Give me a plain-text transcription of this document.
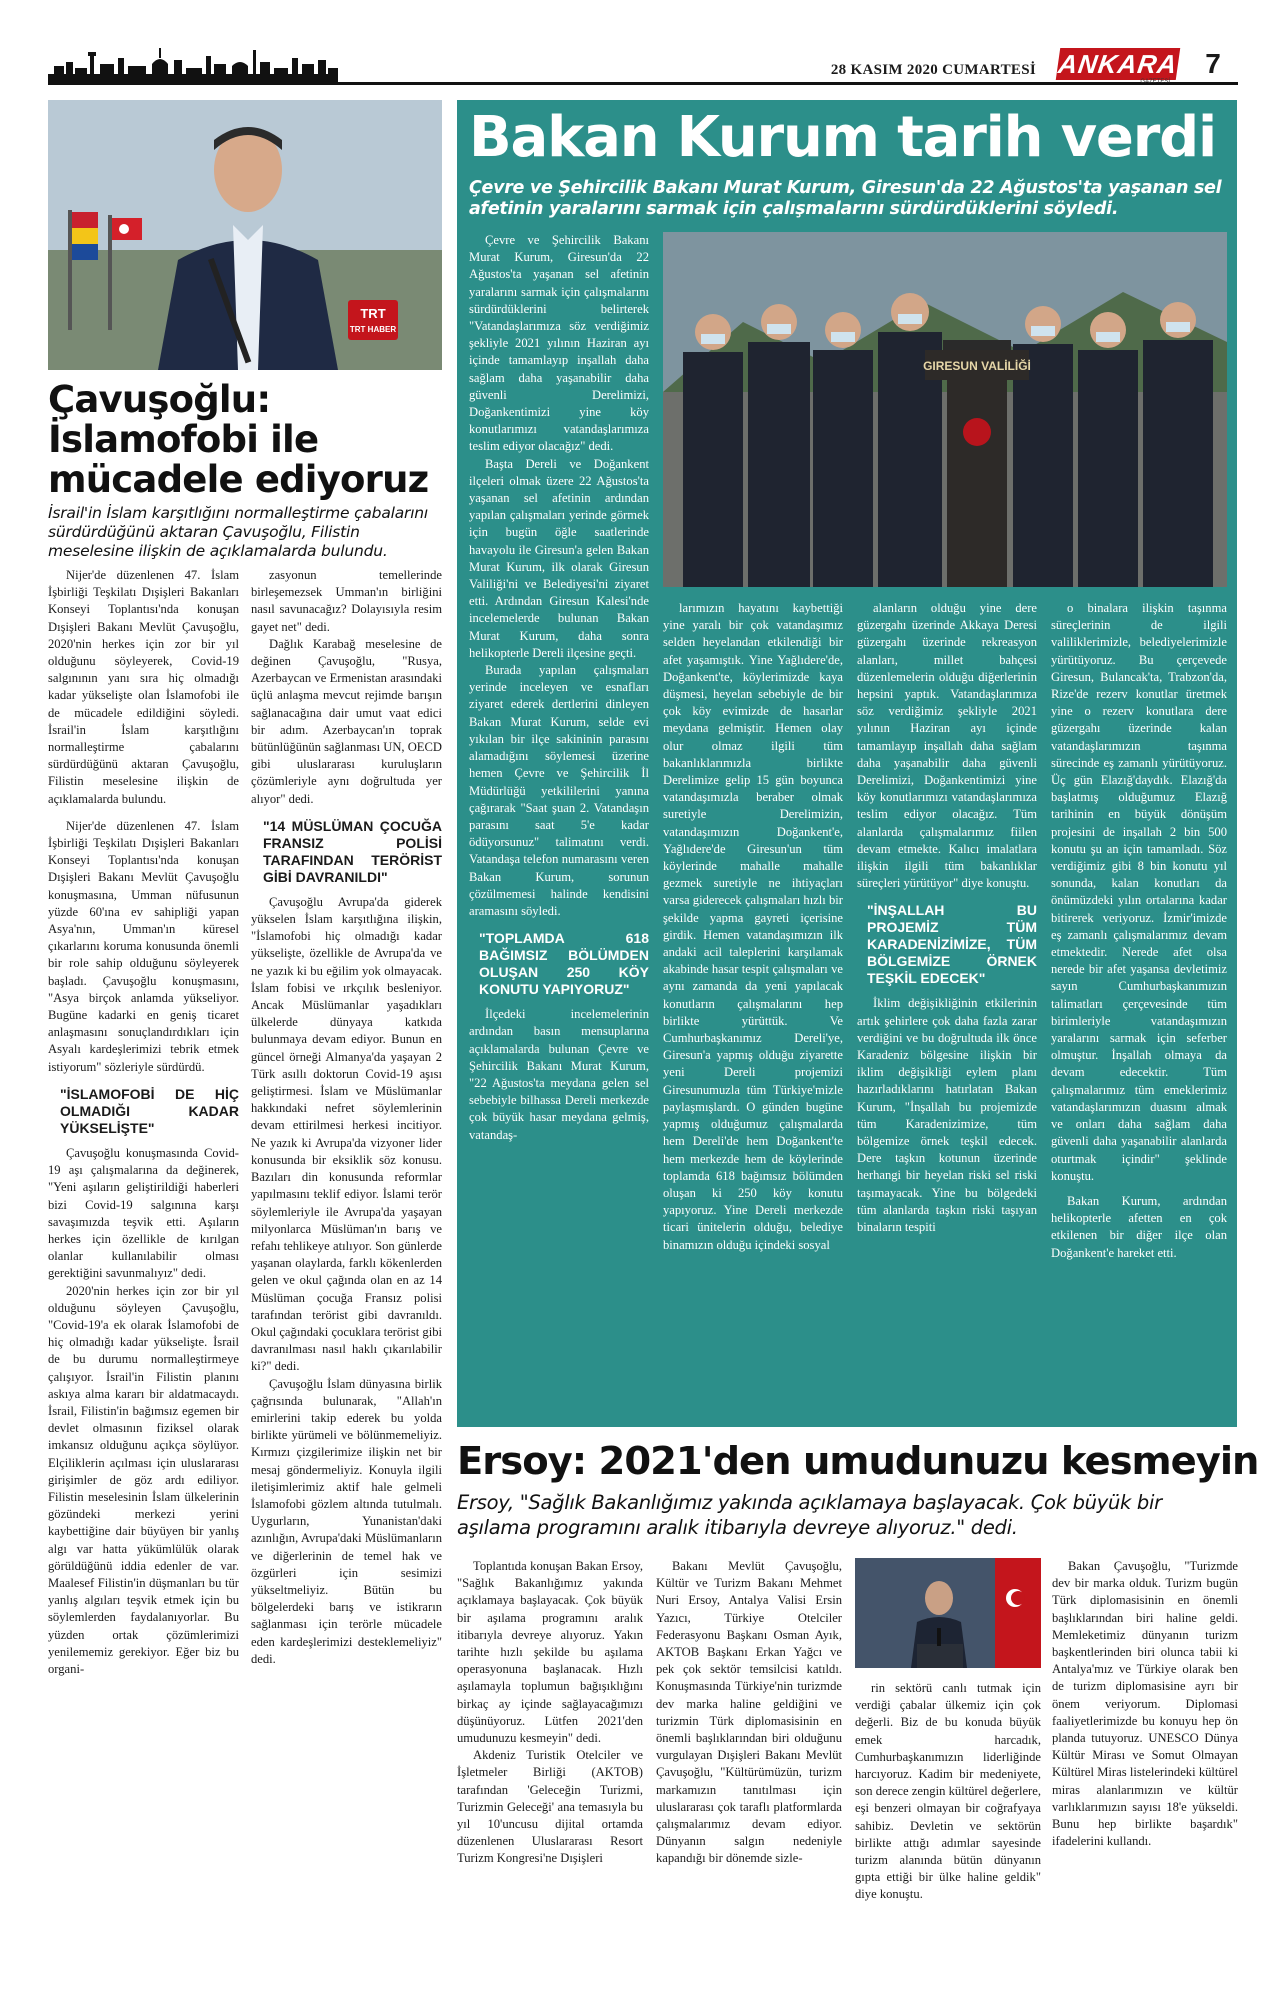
28 KASIM 2020 CUMARTESİ ANKARA
GAZETESİ
7
TRT
TRT HABER
Çavuşoğlu: İslamofobi ile mücadele ediyoruz
İsrail'in İslam karşıtlığını normalleştirme çabalarını sürdürdüğünü aktaran Çavuşoğlu, Filistin meselesine ilişkin de açıklamalarda bulundu.

Nijer'de düzenlenen 47. İslam İşbirliği Teşkilatı Dışişleri Bakanları Konseyi Toplantısı'nda konuşan Dışişleri Bakanı Mevlüt Çavuşoğlu, 2020'nin herkes için zor bir yıl olduğunu söyleyerek, Covid-19 salgınının yanı sıra hiç olmadığı kadar yükselişte olan İslamofobi ile de mücadele edildiğini söyledi. İsrail'in İslam karşıtlığını normalleştirme çabalarını sürdürdüğünü aktaran Çavuşoğlu, Filistin meselesine ilişkin de açıklamalarda bulundu.

Nijer'de düzenlenen 47. İslam İşbirliği Teşkilatı Dışişleri Bakanları Konseyi Toplantısı'nda konuşan Dışişleri Bakanı Mevlüt Çavuşoğlu konuşmasına, Umman nüfusunun yüzde 60'ına ev sahipliği yapan Asya'nın, Umman'ın küresel çıkarlarını koruma konusunda önemli bir role sahip olduğunu söyleyerek başladı. Çavuşoğlu konuşmasını, "Asya birçok anlamda yükseliyor. Bugüne kadarki en geniş ticaret anlaşmasını sonuçlandırdıkları için Asyalı kardeşlerimizi tebrik etmek istiyorum" sözleriyle sürdürdü.

"İSLAMOFOBİ DE HİÇ OLMADIĞI KADAR YÜKSELİŞTE"

Çavuşoğlu konuşmasında Covid-19 aşı çalışmalarına da değinerek, "Yeni aşıların geliştirildiği haberleri bizi Covid-19 salgınına karşı savaşımızda teşvik etti. Aşıların herkes için özellikle de kırılgan olanlar kullanılabilir olması gerektiğini savunmalıyız" dedi.

2020'nin herkes için zor bir yıl olduğunu söyleyen Çavuşoğlu, "Covid-19'a ek olarak İslamofobi de hiç olmadığı kadar yükselişte. İsrail de bu durumu normalleştirmeye çalışıyor. İsrail'in Filistin planını askıya alma kararı bir aldatmacaydı. İsrail, Filistin'in bağımsız egemen bir devlet olmasının fiziksel olarak imkansız olduğunu açıkça söylüyor. Elçiliklerin açılması için uluslararası girişimler de göz ardı ediliyor. Filistin meselesinin İslam ülkelerinin gözündeki merkezi yerini kaybettiğine dair büyüyen bir yanlış algı var hatta yükümlülük olarak görüldüğünü iddia edenler de var. Maalesef Filistin'in düşmanları bu tür yanlış algıları teşvik etmek için bu söylemlerden faydalanıyorlar. Bu yüzden ortak çözümlerimizi yenilememiz gerekiyor. Eğer biz bu organi-

zasyonun temellerinde birleşemezsek Umman'ın birliğini nasıl savunacağız? Dolayısıyla resim gayet net" dedi.

Dağlık Karabağ meselesine de değinen Çavuşoğlu, "Rusya, Azerbaycan ve Ermenistan arasındaki üçlü anlaşma mevcut rejimde barışın sağlanacağına dair umut vaat edici bir adım. Azerbaycan'ın toprak bütünlüğünün sağlanması UN, OECD gibi uluslararası kuruluşların çözümleriyle aynı doğrultuda yer alıyor" dedi.

"14 MÜSLÜMAN ÇOCUĞA FRANSIZ POLİSİ TARAFINDAN TERÖRİST GİBİ DAVRANILDI"

Çavuşoğlu Avrupa'da giderek yükselen İslam karşıtlığına ilişkin, "İslamofobi hiç olmadığı kadar yükselişte, özellikle de Avrupa'da ve ne yazık ki bu eğilim yok olmayacak. İslam fobisi ve ırkçılık besleniyor. Ancak Müslümanlar yaşadıkları ülkelerde dünyaya katkıda bulunmaya devam ediyor. Bunun en güncel örneği Almanya'da yaşayan 2 Türk asıllı doktorun Covid-19 aşısı geliştirmesi. İslam ve Müslümanlar hakkındaki nefret söylemlerinin devam ettirilmesi herkesi incitiyor. Ne yazık ki Avrupa'da vizyoner lider konusunda bir eksiklik söz konusu. Bazıları din konusunda reformlar yapılmasını teklif ediyor. İslami terör söylemleriyle ile Avrupa'da yaşayan milyonlarca Müslüman'ın barış ve refahı tehlikeye atılıyor. Son günlerde yaşanan olaylarda, farklı kökenlerden gelen ve okul çağında olan en az 14 Müslüman çocuğa Fransız polisi tarafından terörist gibi davranıldı. Okul çağındaki çocuklara terörist gibi davranılması nasıl haklı çıkarılabilir ki?" dedi.

Çavuşoğlu İslam dünyasına birlik çağrısında bulunarak, "Allah'ın emirlerini takip ederek bu yolda birlikte yürümeli ve bölünmemeliyiz. Kırmızı çizgilerimize ilişkin net bir mesaj göndermeliyiz. Konuyla ilgili iletişimlerimiz aktif hale gelmeli İslamofobi gözlem altında tutulmalı. Uygurların, Yunanistan'daki azınlığın, Avrupa'daki Müslümanların ve diğerlerinin de temel hak ve özgürleri için sesimizi yükseltmeliyiz. Bütün bu bölgelerdeki barış ve istikrarın sağlanması için terörle mücadele eden kardeşlerimizi desteklemeliyiz" dedi.

Bakan Kurum tarih verdi
Çevre ve Şehircilik Bakanı Murat Kurum, Giresun'da 22 Ağustos'ta yaşanan sel afetinin yaralarını sarmak için çalışmalarını sürdürdüklerini söyledi.

Çevre ve Şehircilik Bakanı Murat Kurum, Giresun'da 22 Ağustos'ta yaşanan sel afetinin yaralarını sarmak için çalışmalarını sürdürdüklerini belirterek "Vatandaşlarımıza söz verdiğimiz şekliyle 2021 yılının Haziran ayı içinde tamamlayıp inşallah daha sağlam daha yaşanabilir daha güvenli Derelimizi, Doğankentimizi yine köy konutlarımızı vatandaşlarımıza teslim ediyor olacağız" dedi.

Başta Dereli ve Doğankent ilçeleri olmak üzere 22 Ağustos'ta yaşanan sel afetinin ardından yapılan çalışmaları yerinde görmek için bugün öğle saatlerinde havayolu ile Giresun'a gelen Bakan Murat Kurum, ilk olarak Giresun Valiliği'ni ve Belediyesi'ni ziyaret etti. Ardından Giresun Kalesi'nde incelemelerde bulunan Bakan Murat Kurum, daha sonra helikopterle Dereli ilçesine geçti.

Burada yapılan çalışmaları yerinde inceleyen ve esnafları ziyaret ederek dertlerini dinleyen Bakan Murat Kurum, selde evi yıkılan bir ilçe sakininin parasını alamadığını söylemesi üzerine hemen Çevre ve Şehircilik İl Müdürlüğü yetkililerini yanına çağırarak "Saat şuan 2. Vatandaşın parasını saat 5'e kadar ödüyorsunuz" talimatını verdi. Vatandaşa telefon numarasını veren Bakan Kurum, sorunun çözülmemesi halinde kendisini aramasını söyledi.

"TOPLAMDA 618 BAĞIMSIZ BÖLÜMDEN OLUŞAN 250 KÖY KONUTU YAPIYORUZ"

İlçedeki incelemelerinin ardından basın mensuplarına açıklamalarda bulunan Çevre ve Şehircilik Bakanı Murat Kurum, "22 Ağustos'ta meydana gelen sel sebebiyle bilhassa Dereli merkezde çok büyük hasar meydana gelmiş, vatandaş-

GIRESUN VALİLİĞİ

larımızın hayatını kaybettiği yine yaralı bir çok vatandaşımız selden heyelandan etkilendiği bir afet yaşamıştık. Yine Yağlıdere'de, Doğankent'te, köylerimizde kaya düşmesi, heyelan sebebiyle de bir çok köy evimizde de hasarlar meydana gelmiştir. Hemen olay olur olmaz ilgili tüm bakanlıklarımızla birlikte Derelimize gelip 15 gün boyunca vatandaşımızla beraber olmak suretiyle Derelimizin, vatandaşımızın Doğankent'e, Yağlıdere'de Giresun'un tüm köylerinde mahalle mahalle gezmek suretiyle ne ihtiyaçları varsa giderecek çalışmaları hızlı bir şekilde yapma gayreti içerisine girdik. Hemen vatandaşımızın ilk andaki acil taleplerini karşılamak akabinde hasar tespit çalışmaları ve aynı zamanda da yeni yapılacak konutların çalışmalarını hep birlikte yürüttük. Ve Cumhurbaşkanımız Dereli'ye, Giresun'a yapmış olduğu ziyarette yeni Dereli projemizi Giresunumuzla tüm Türkiye'mizle paylaşmışlardı. O günden bugüne yapmış olduğumuz çalışmalarda hem Dereli'de hem Doğankent'te hem merkezde hem de köylerinde toplamda 618 bağımsız bölümden oluşan ki 250 köy konutu yapıyoruz. Yine Dereli merkezde ticari ünitelerin olduğu, belediye binamızın olduğu içindeki sosyal

alanların olduğu yine dere güzergahı üzerinde Akkaya Deresi güzergahı üzerinde rekreasyon alanları, millet bahçesi düzenlemelerin olduğu diğerlerinin hepsini yaptık. Vatandaşlarımıza söz verdiğimiz şekliyle 2021 yılının Haziran ayı içinde tamamlayıp inşallah daha sağlam daha yaşanabilir daha güvenli Derelimizi, Doğankentimizi yine köy konutlarımızı vatandaşlarımıza teslim ediyor olacağız. Tüm alanlarda çalışmalarımız fiilen devam etmekte. Kalıcı imalatlara ilişkin ilgili tüm bakanlıklar süreçleri yürütüyor" diye konuştu.

"İNŞALLAH BU PROJEMİZ TÜM KARADENİZİMİZE, TÜM BÖLGEMİZE ÖRNEK TEŞKİL EDECEK"

İklim değişikliğinin etkilerinin artık şehirlere çok daha fazla zarar verdiğini ve bu doğrultuda ilk önce Karadeniz bölgesine ilişkin bir iklim değişikliği eylem planı hazırladıklarını hatırlatan Bakan Kurum, "İnşallah bu projemizde tüm Karadenizimize, tüm bölgemize örnek teşkil edecek. Dere taşkın kotunun üzerinde herhangi bir heyelan riski sel riski taşımayacak. Yine bu bölgedeki tüm alanlarda taşkın riski taşıyan binaların tespiti

o binalara ilişkin taşınma süreçlerinin de ilgili valiliklerimizle, belediyelerimizle yürütüyoruz. Bu çerçevede Giresun, Bulancak'ta, Trabzon'da, Rize'de rezerv konutlar üretmek yine o rezerv konutlara dere güzergahı üzerinde kalan vatandaşlarımızın taşınma sürecinde eş zamanlı yürütüyoruz. Üç gün Elazığ'daydık. Elazığ'da başlatmış olduğumuz Elazığ tarihinin en büyük dönüşüm projesini de inşallah 2 bin 500 konutu şu an için tamamladı. Söz verdiğimiz gibi 8 bin konutu yıl sonunda, kalan konutları da önümüzdeki yılın ortalarına kadar bitirerek veriyoruz. İzmir'imizde eş zamanlı çalışmalarımız devam etmektedir. Nerede afet olsa nerede bir afet yaşansa devletimiz sayın Cumhurbaşkanımızın talimatları çerçevesinde tüm birimleriyle vatandaşımızın yaralarını sarmak için seferber olmuştur. İnşallah olmaya da devam edecektir. Tüm çalışmalarımız tüm emeklerimiz vatandaşlarımızın duasını almak ve onları daha sağlam daha güvenli daha yaşanabilir alanlarda oturtmak içindir" şeklinde konuştu.

Bakan Kurum, ardından helikopterle afetten en çok etkilenen bir diğer ilçe olan Doğankent'e hareket etti.

Ersoy: 2021'den umudunuzu kesmeyin
Ersoy, "Sağlık Bakanlığımız yakında açıklamaya başlayacak. Çok büyük bir aşılama programını aralık itibarıyla devreye alıyoruz." dedi.

Toplantıda konuşan Bakan Ersoy, "Sağlık Bakanlığımız yakında açıklamaya başlayacak. Çok büyük bir aşılama programını aralık itibarıyla devreye alıyoruz. Yakın tarihte hızlı şekilde bu aşılama operasyonuna başlanacak. Hızlı aşılamayla toplumun bağışıklığını birkaç ay içinde sağlayacağımızı düşünüyoruz. Lütfen 2021'den umudunuzu kesmeyin" dedi.

Akdeniz Turistik Otelciler ve İşletmeler Birliği (AKTOB) tarafından 'Geleceğin Turizmi, Turizmin Geleceği' ana temasıyla bu yıl 10'uncusu dijital ortamda düzenlenen Uluslararası Resort Turizm Kongresi'ne Dışişleri

Bakanı Mevlüt Çavuşoğlu, Kültür ve Turizm Bakanı Mehmet Nuri Ersoy, Antalya Valisi Ersin Yazıcı, Türkiye Otelciler Federasyonu Başkanı Osman Ayık, AKTOB Başkanı Erkan Yağcı ve pek çok sektör temsilcisi katıldı. Konuşmasında Türkiye'nin turizmde dev marka haline geldiğini ve turizmin Türk diplomasisinin en önemli başlıklarından biri olduğunu vurgulayan Dışişleri Bakanı Mevlüt Çavuşoğlu, "Kültürümüzün, turizm markamızın tanıtılması için uluslararası çok taraflı platformlarda çalışmalarımız devam ediyor. Dünyanın salgın nedeniyle kapandığı bir dönemde sizle-

rin sektörü canlı tutmak için verdiği çabalar ülkemiz için çok değerli. Biz de bu konuda büyük emek harcadık, Cumhurbaşkanımızın liderliğinde harcıyoruz. Kadim bir medeniyete, son derece zengin kültürel değerlere, eşi benzeri olmayan bir coğrafyaya sahibiz. Devletin ve sektörün birlikte attığı adımlar sayesinde turizm alanında bütün dünyanın gıpta ettiği bir ülke haline geldik" diye konuştu.

Bakan Çavuşoğlu, "Turizmde dev bir marka olduk. Turizm bugün Türk diplomasisinin en önemli başlıklarından biri haline geldi. Memleketimiz dünyanın turizm başkentlerinden biri olunca tabii ki Antalya'mız ve Türkiye olarak ben de turizm diplomasisine ayrı bir önem veriyorum. Diplomasi faaliyetlerimizde bu konuyu hep ön planda tutuyoruz. UNESCO Dünya Kültür Mirası ve Somut Olmayan Kültürel Miras listelerindeki kültürel miras alanlarımızın ve kültür varlıklarımızın sayısı 18'e yükseldi. Bunu hep birlikte başardık" ifadelerini kullandı.
